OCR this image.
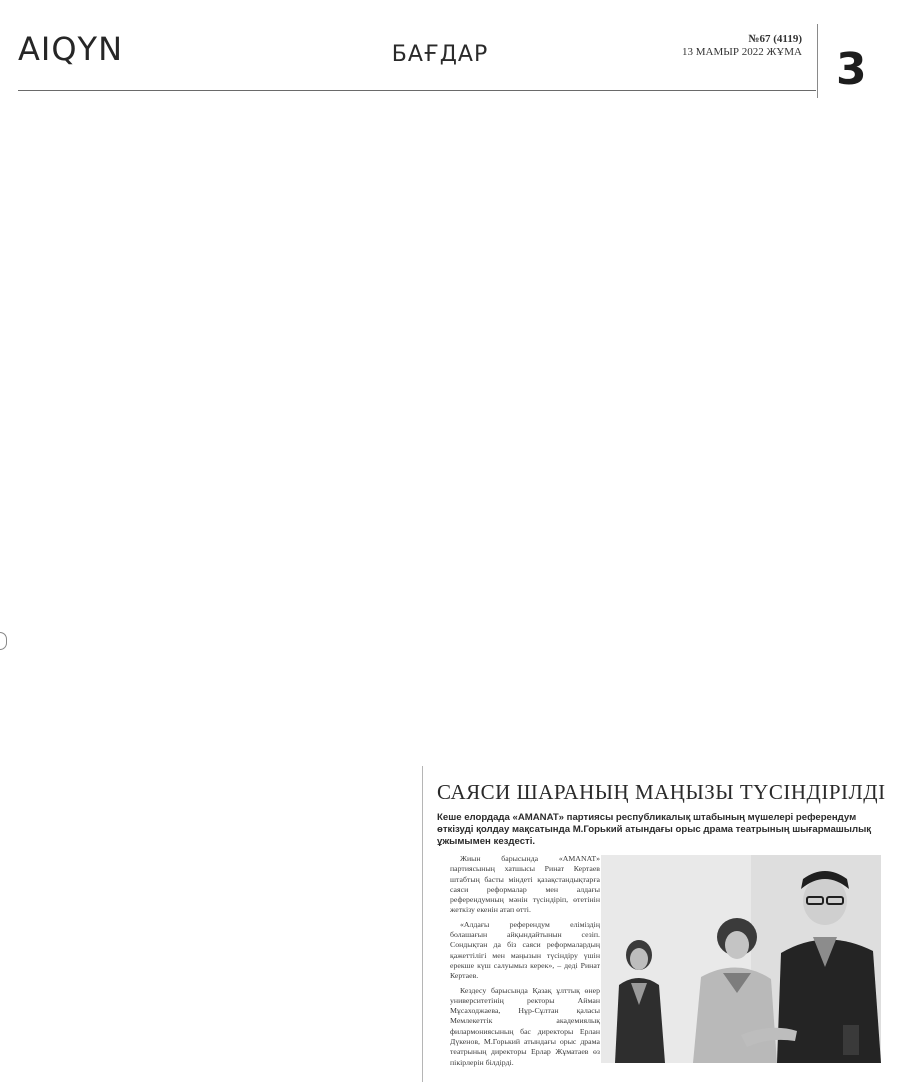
AIQYN	БАҒДАР
№67 (4119)
13 МАМЫР 2022 ЖҰМА 3
САЯСИ ШАРАНЫҢ МАҢЫЗЫ ТҮСІНДІРІЛДІ
Кеше елордада «AMANAT» партиясы республикалық штабының мүшелері референдум өткізуді қолдау мақсатында М.Горький атындағы орыс драма театрының шығармашылық ұжымымен кездесті.

Жиын барысында «AMANAT» партиясының хатшысы Ринат Кертаев штабтың басты міндеті қазақстандықтарға саяси реформалар мен алдағы референдумның мәнін түсіндіріп, өтетінін жеткізу екенін атап өтті.

«Алдағы референдум еліміздің болашағын айқындайтынын сезіп. Сондықтан да біз саяси реформалардың қажеттілігі мен маңызын түсіндіру үшін ерекше күш салуымыз керек», – деді Ринат Кертаев.

Кездесу барысында Қазақ ұлттық өнер университетінің ректоры Айман Мұсаходжаева, Нұр-Сұлтан қаласы Мемлекеттік академиялық филармониясының бас директоры Ерлан Дүкенов, М.Горький атындағы орыс драма театрының директоры Ерлар Жұматаев өз пікірлерін білдірді.
